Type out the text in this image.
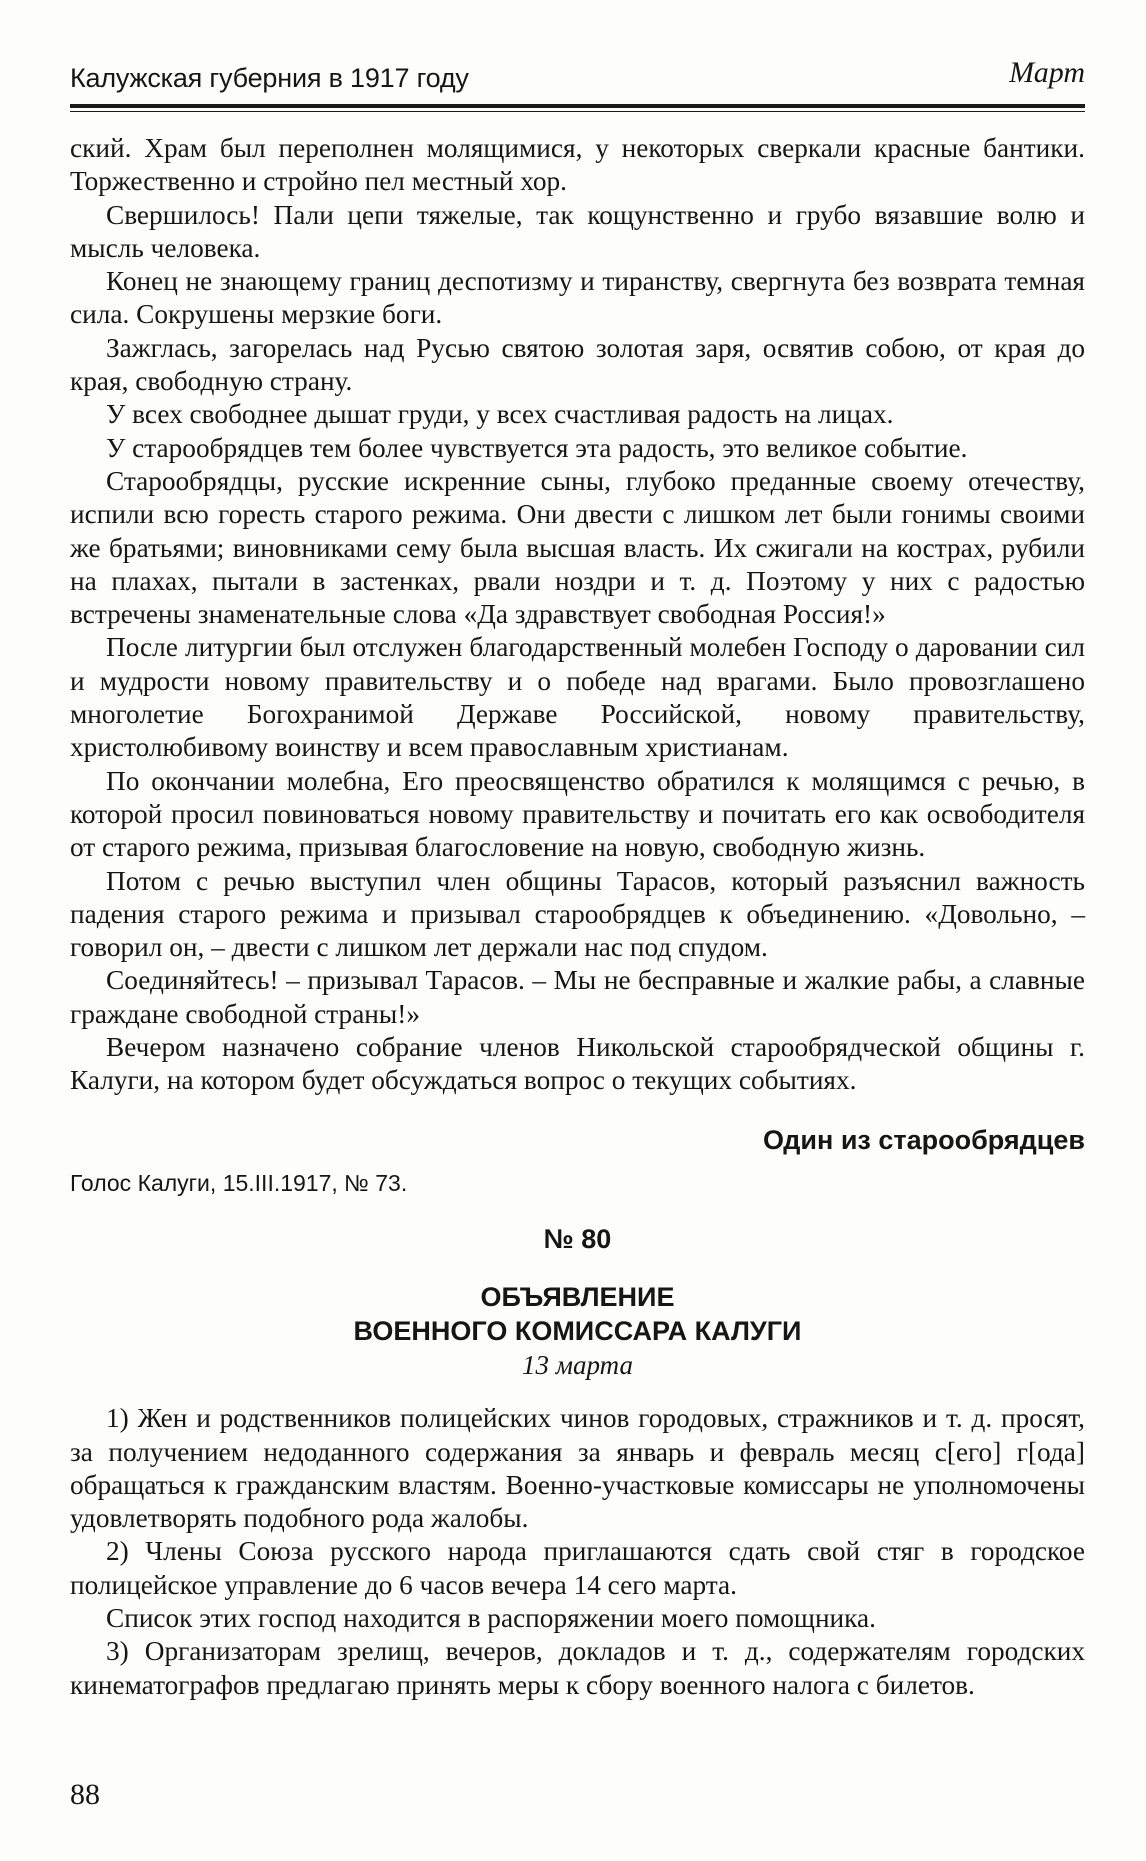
Калужская губерния в 1917 году	Март

ский. Храм был переполнен молящимися, у некоторых сверкали красные бантики. Торжественно и стройно пел местный хор.

Свершилось! Пали цепи тяжелые, так кощунственно и грубо вязавшие волю и мысль человека.

Конец не знающему границ деспотизму и тиранству, свергнута без возврата темная сила. Сокрушены мерзкие боги.

Зажглась, загорелась над Русью святою золотая заря, освятив собою, от края до края, свободную страну.

У всех свободнее дышат груди, у всех счастливая радость на лицах.

У старообрядцев тем более чувствуется эта радость, это великое событие.

Старообрядцы, русские искренние сыны, глубоко преданные своему отечеству, испили всю горесть старого режима. Они двести с лишком лет были гонимы своими же братьями; виновниками сему была высшая власть. Их сжигали на кострах, рубили на плахах, пытали в застенках, рвали ноздри и т. д. Поэтому у них с радостью встречены знаменательные слова «Да здравствует свободная Россия!»

После литургии был отслужен благодарственный молебен Господу о даровании сил и мудрости новому правительству и о победе над врагами. Было провозглашено многолетие Богохранимой Державе Российской, новому правительству, христолюбивому воинству и всем православным христианам.

По окончании молебна, Его преосвященство обратился к молящимся с речью, в которой просил повиноваться новому правительству и почитать его как освободителя от старого режима, призывая благословение на новую, свободную жизнь.

Потом с речью выступил член общины Тарасов, который разъяснил важность падения старого режима и призывал старообрядцев к объединению. «Довольно, – говорил он, – двести с лишком лет держали нас под спудом.

Соединяйтесь! – призывал Тарасов. – Мы не бесправные и жалкие рабы, а славные граждане свободной страны!»

Вечером назначено собрание членов Никольской старообрядческой общины г. Калуги, на котором будет обсуждаться вопрос о текущих событиях.

Один из старообрядцев

Голос Калуги, 15.III.1917, № 73.

№ 80
ОБЪЯВЛЕНИЕ
ВОЕННОГО КОМИССАРА КАЛУГИ
13 марта

1) Жен и родственников полицейских чинов городовых, стражников и т. д. просят, за получением недоданного содержания за январь и февраль месяц с[его] г[ода] обращаться к гражданским властям. Военно-участковые комиссары не уполномочены удовлетворять подобного рода жалобы.

2) Члены Союза русского народа приглашаются сдать свой стяг в городское полицейское управление до 6 часов вечера 14 сего марта.

Список этих господ находится в распоряжении моего помощника.

3) Организаторам зрелищ, вечеров, докладов и т. д., содержателям городских кинематографов предлагаю принять меры к сбору военного налога с билетов.

88
